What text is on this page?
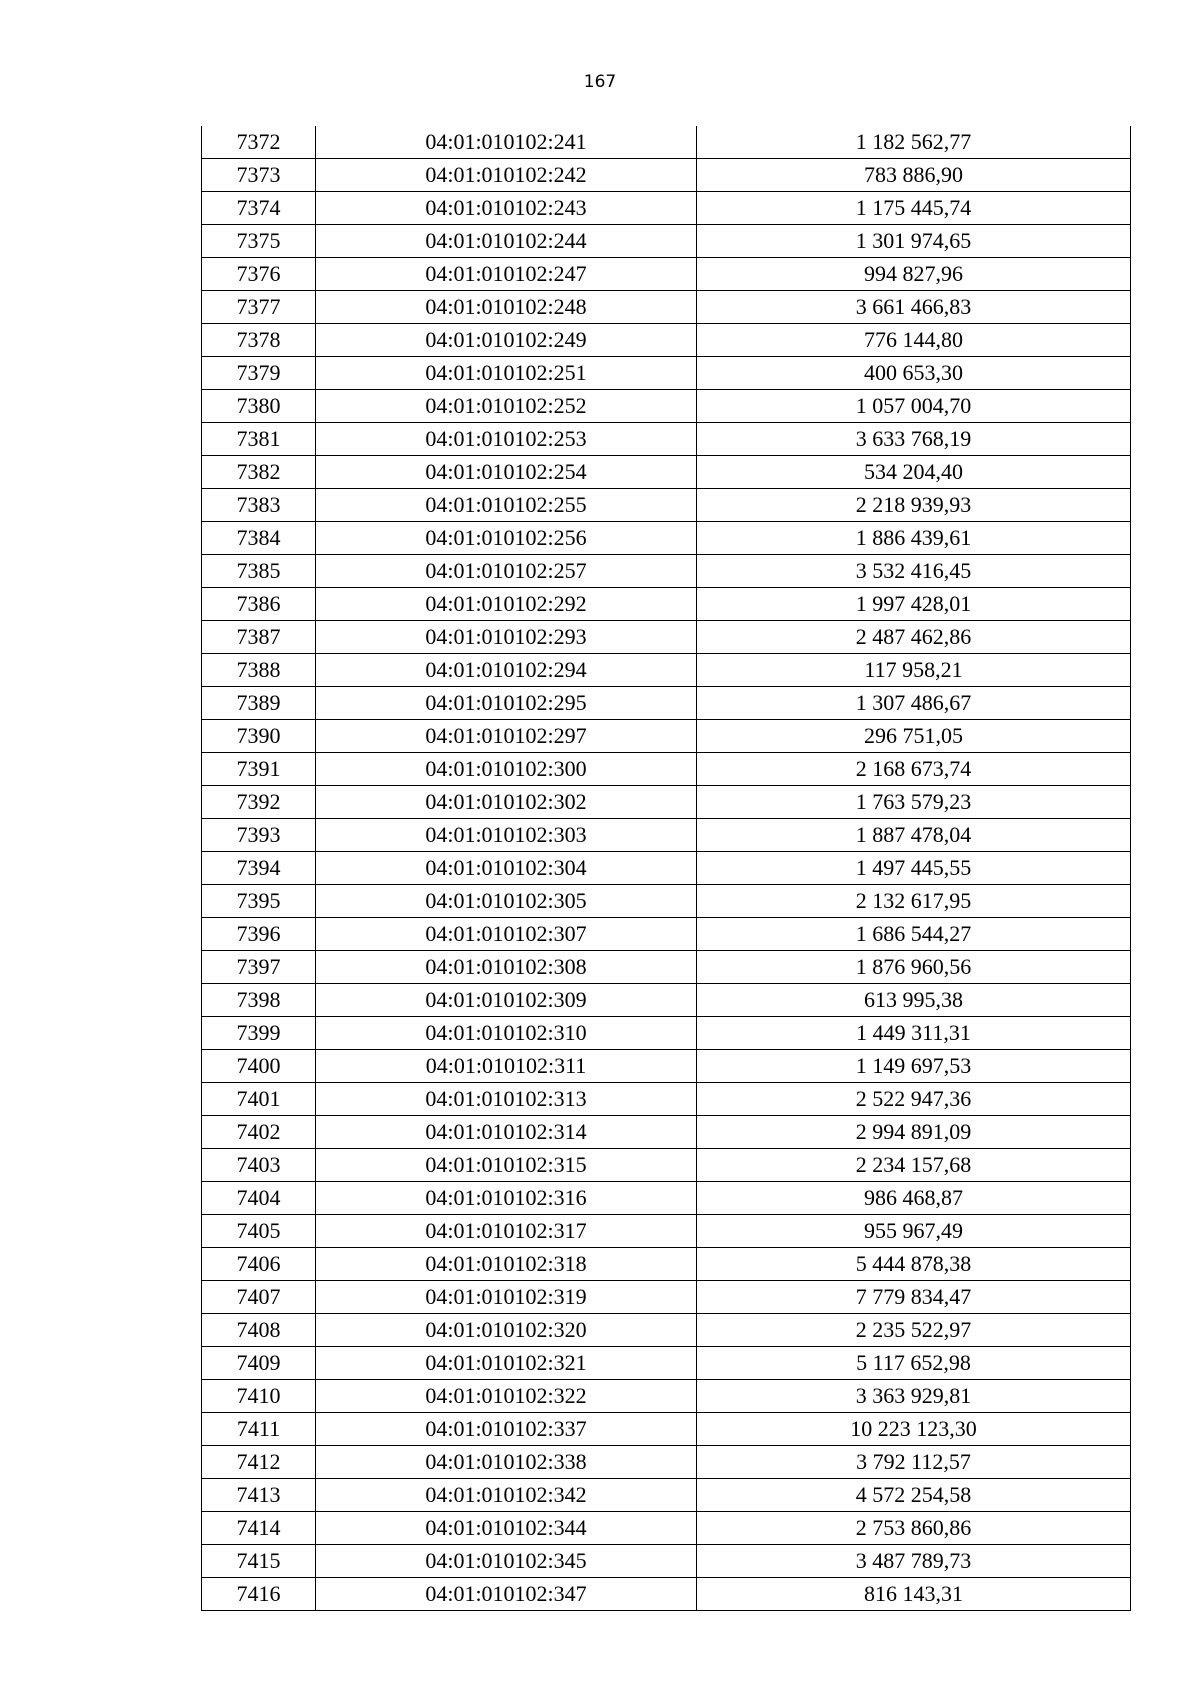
167
7372	04:01:010102:241	1 182 562,77
7373	04:01:010102:242	783 886,90
7374	04:01:010102:243	1 175 445,74
7375	04:01:010102:244	1 301 974,65
7376	04:01:010102:247	994 827,96
7377	04:01:010102:248	3 661 466,83
7378	04:01:010102:249	776 144,80
7379	04:01:010102:251	400 653,30
7380	04:01:010102:252	1 057 004,70
7381	04:01:010102:253	3 633 768,19
7382	04:01:010102:254	534 204,40
7383	04:01:010102:255	2 218 939,93
7384	04:01:010102:256	1 886 439,61
7385	04:01:010102:257	3 532 416,45
7386	04:01:010102:292	1 997 428,01
7387	04:01:010102:293	2 487 462,86
7388	04:01:010102:294	117 958,21
7389	04:01:010102:295	1 307 486,67
7390	04:01:010102:297	296 751,05
7391	04:01:010102:300	2 168 673,74
7392	04:01:010102:302	1 763 579,23
7393	04:01:010102:303	1 887 478,04
7394	04:01:010102:304	1 497 445,55
7395	04:01:010102:305	2 132 617,95
7396	04:01:010102:307	1 686 544,27
7397	04:01:010102:308	1 876 960,56
7398	04:01:010102:309	613 995,38
7399	04:01:010102:310	1 449 311,31
7400	04:01:010102:311	1 149 697,53
7401	04:01:010102:313	2 522 947,36
7402	04:01:010102:314	2 994 891,09
7403	04:01:010102:315	2 234 157,68
7404	04:01:010102:316	986 468,87
7405	04:01:010102:317	955 967,49
7406	04:01:010102:318	5 444 878,38
7407	04:01:010102:319	7 779 834,47
7408	04:01:010102:320	2 235 522,97
7409	04:01:010102:321	5 117 652,98
7410	04:01:010102:322	3 363 929,81
7411	04:01:010102:337	10 223 123,30
7412	04:01:010102:338	3 792 112,57
7413	04:01:010102:342	4 572 254,58
7414	04:01:010102:344	2 753 860,86
7415	04:01:010102:345	3 487 789,73
7416	04:01:010102:347	816 143,31
